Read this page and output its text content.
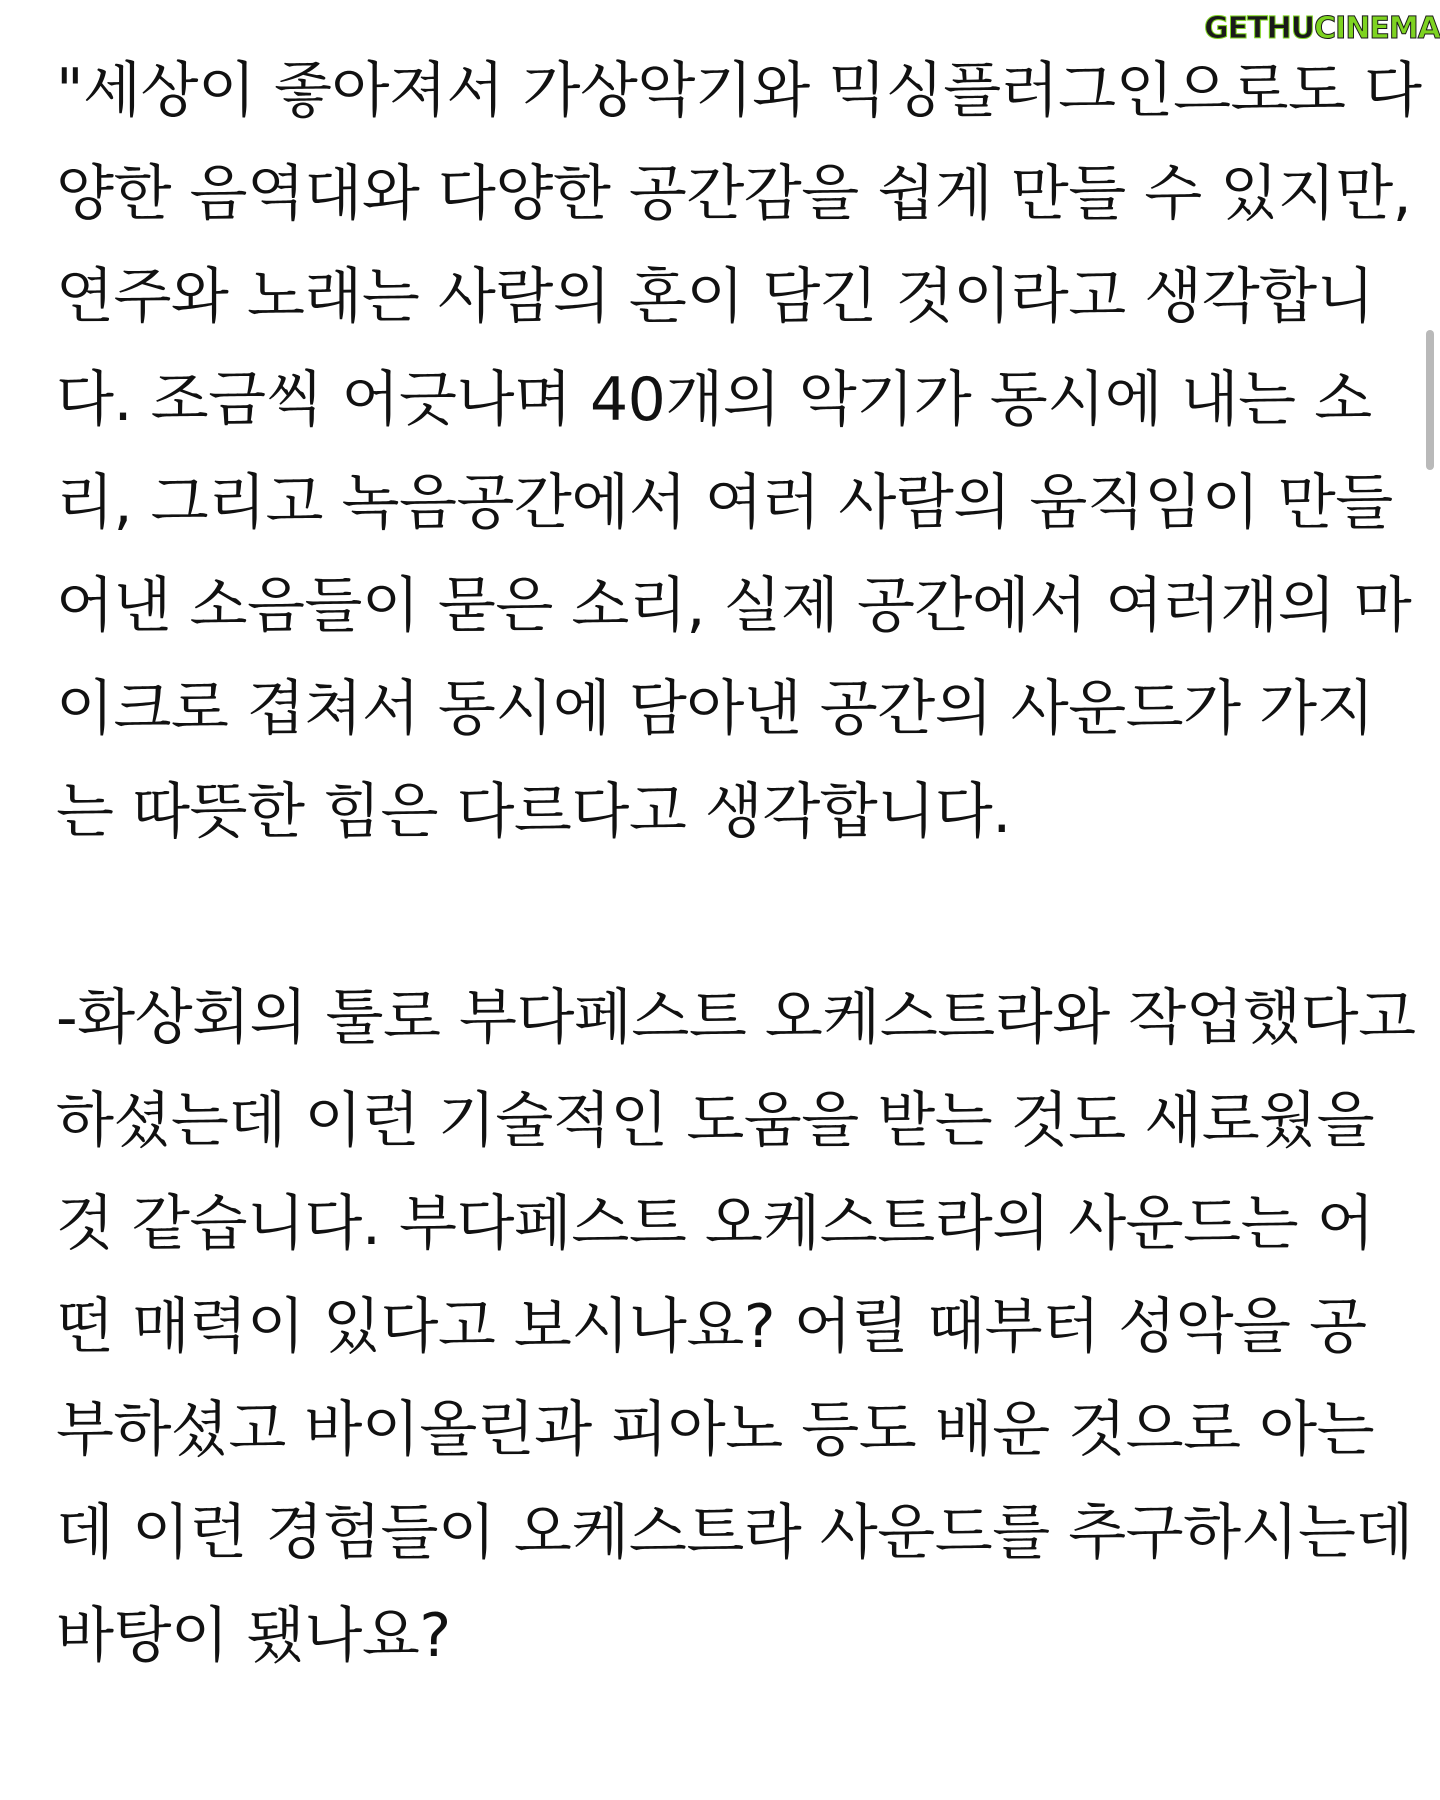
GETHU CINEMA

"세상이 좋아져서 가상악기와 믹싱플러그인으로도 다
양한 음역대와 다양한 공간감을 쉽게 만들 수 있지만,
연주와 노래는 사람의 혼이 담긴 것이라고 생각합니
다. 조금씩 어긋나며 40개의 악기가 동시에 내는 소
리, 그리고 녹음공간에서 여러 사람의 움직임이 만들
어낸 소음들이 묻은 소리, 실제 공간에서 여러개의 마
이크로 겹쳐서 동시에 담아낸 공간의 사운드가 가지
는 따뜻한 힘은 다르다고 생각합니다.

-화상회의 툴로 부다페스트 오케스트라와 작업했다고
하셨는데 이런 기술적인 도움을 받는 것도 새로웠을
것 같습니다. 부다페스트 오케스트라의 사운드는 어
떤 매력이 있다고 보시나요? 어릴 때부터 성악을 공
부하셨고 바이올린과 피아노 등도 배운 것으로 아는
데 이런 경험들이 오케스트라 사운드를 추구하시는데
바탕이 됐나요?
